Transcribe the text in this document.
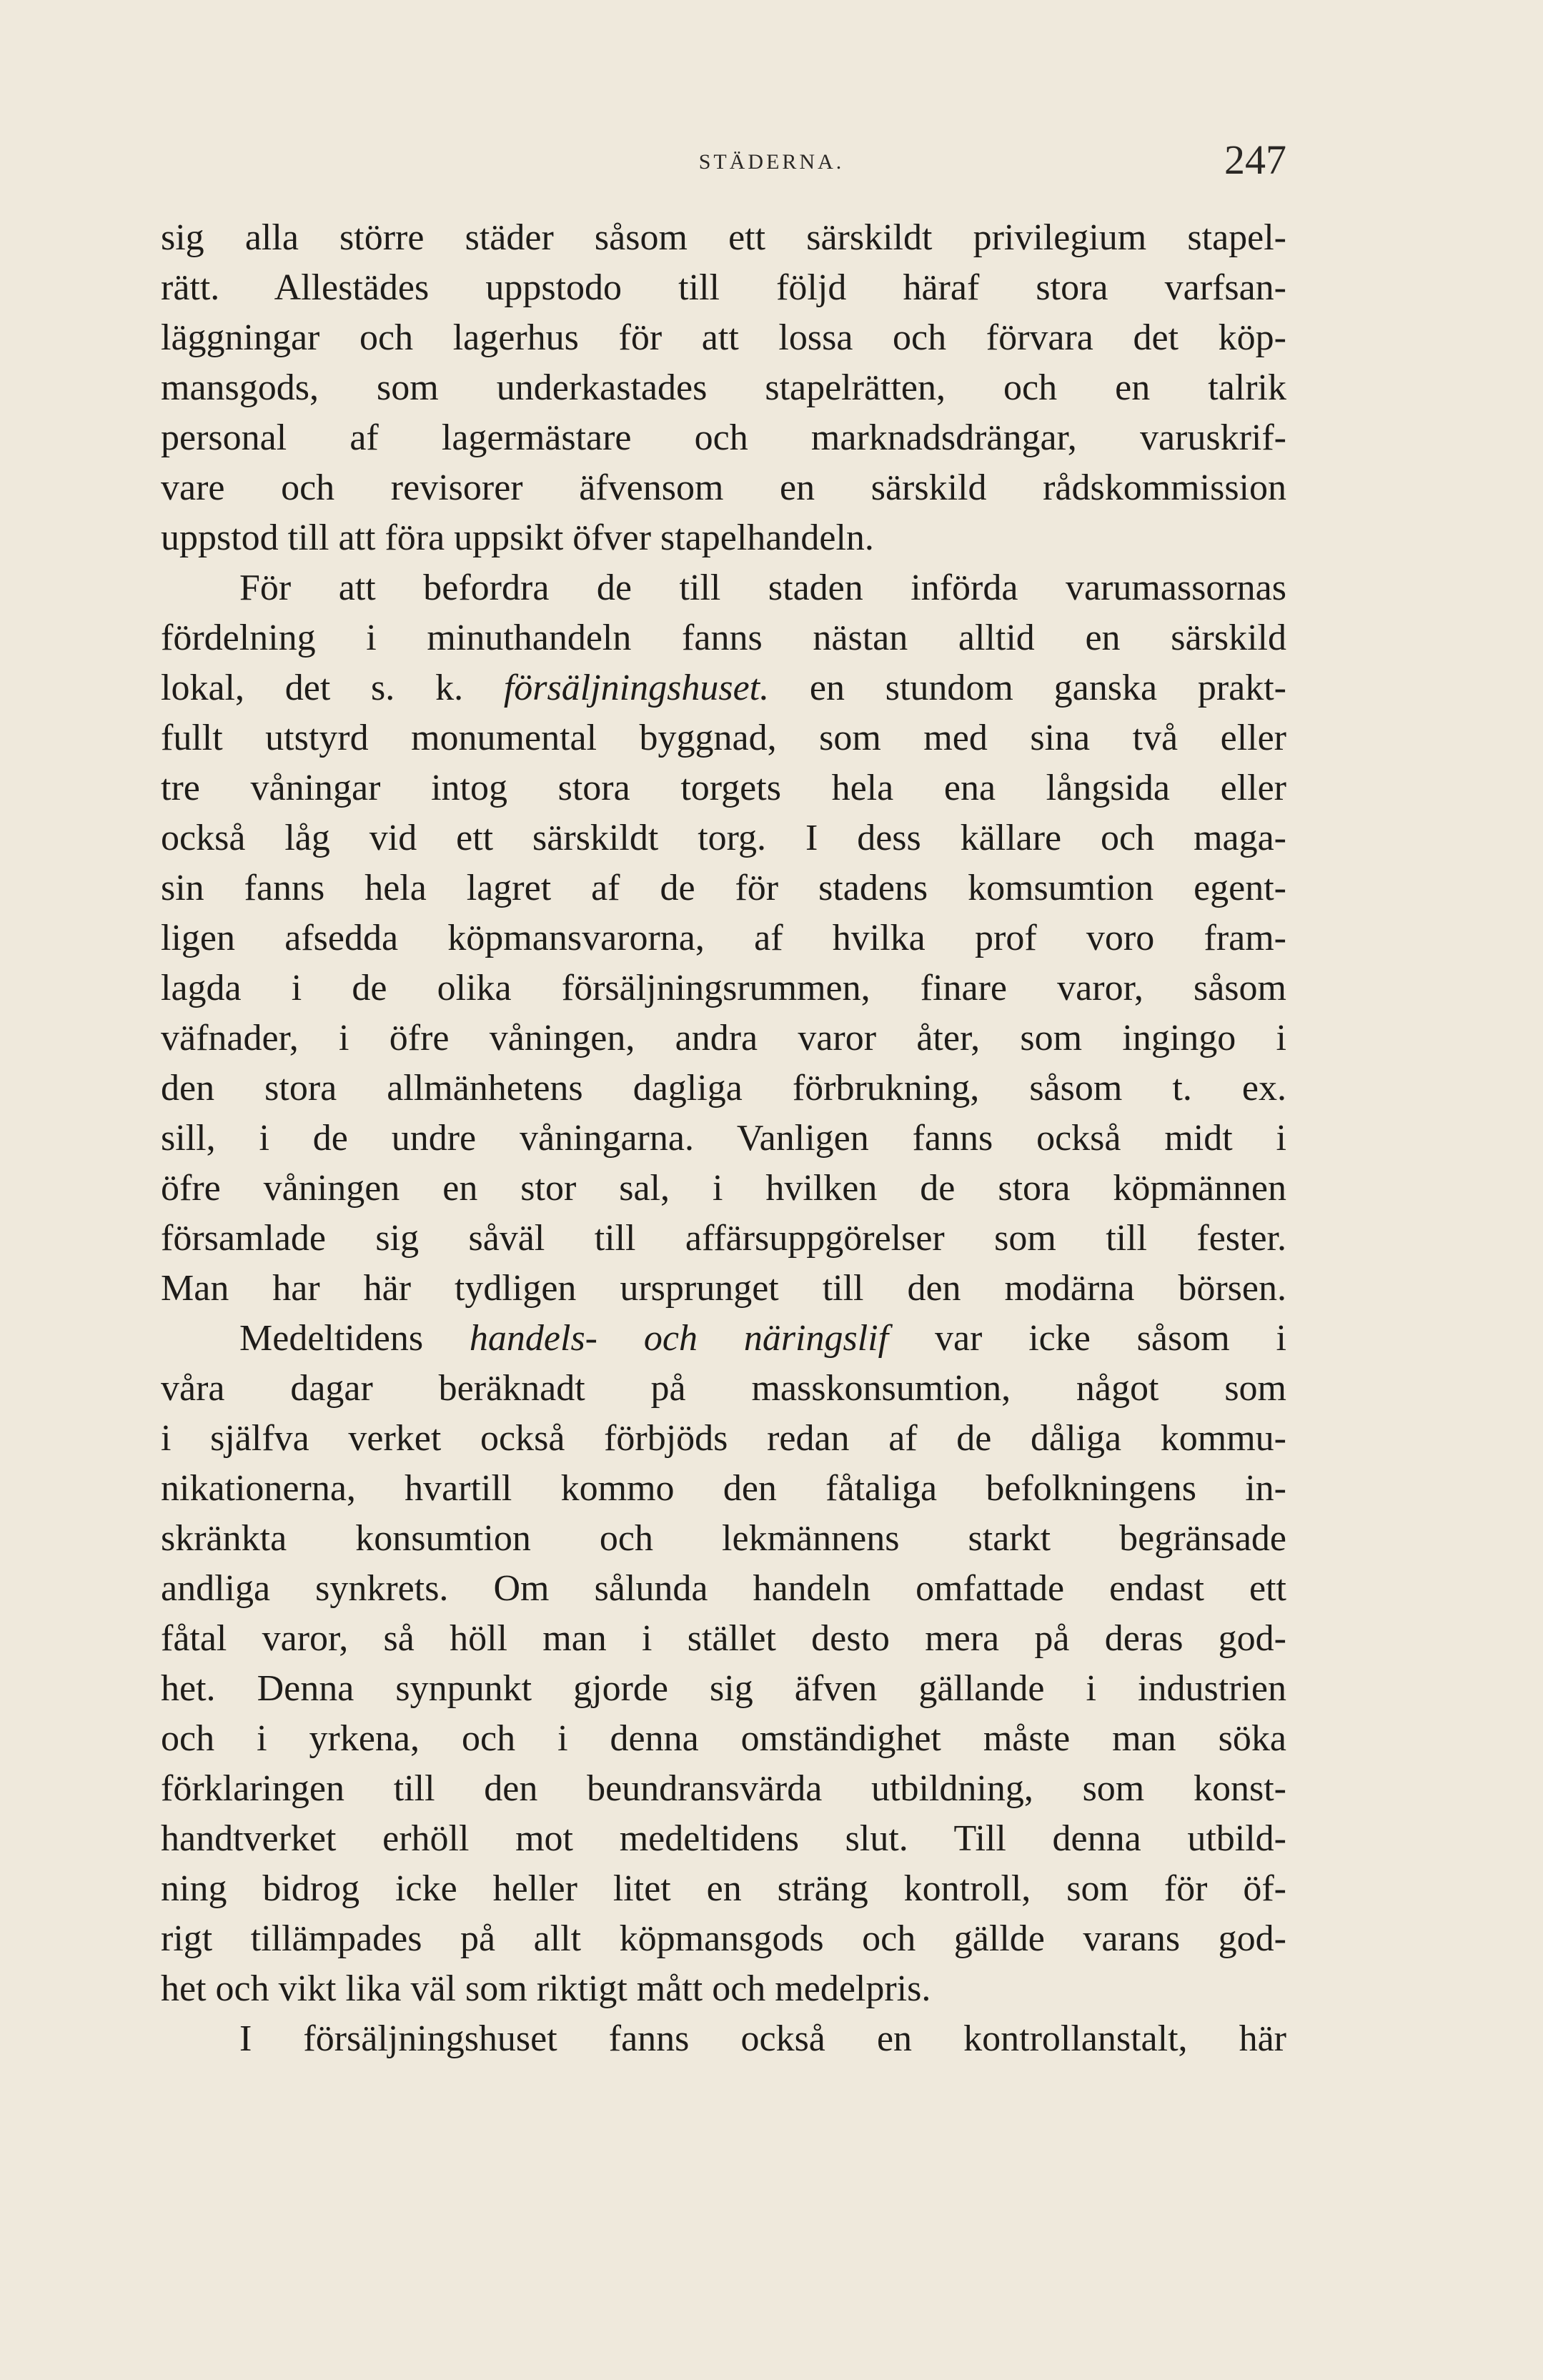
STÄDERNA.	247
sig alla större städer såsom ett särskildt privilegium stapel-
rätt. Allestädes uppstodo till följd häraf stora varfsan-
läggningar och lagerhus för att lossa och förvara det köp-
mansgods, som underkastades stapelrätten, och en talrik
personal af lagermästare och marknadsdrängar, varuskrif-
vare och revisorer äfvensom en särskild rådskommission
uppstod till att föra uppsikt öfver stapelhandeln.
För att befordra de till staden införda varumassornas
fördelning i minuthandeln fanns nästan alltid en särskild
lokal, det s. k. försäljningshuset. en stundom ganska prakt-
fullt utstyrd monumental byggnad, som med sina två eller
tre våningar intog stora torgets hela ena långsida eller
också låg vid ett särskildt torg. I dess källare och maga-
sin fanns hela lagret af de för stadens komsumtion egent-
ligen afsedda köpmansvarorna, af hvilka prof voro fram-
lagda i de olika försäljningsrummen, finare varor, såsom
väfnader, i öfre våningen, andra varor åter, som ingingo i
den stora allmänhetens dagliga förbrukning, såsom t. ex.
sill, i de undre våningarna. Vanligen fanns också midt i
öfre våningen en stor sal, i hvilken de stora köpmännen
församlade sig såväl till affärsuppgörelser som till fester.
Man har här tydligen ursprunget till den modärna börsen.
Medeltidens handels- och näringslif var icke såsom i
våra dagar beräknadt på masskonsumtion, något som
i själfva verket också förbjöds redan af de dåliga kommu-
nikationerna, hvartill kommo den fåtaliga befolkningens in-
skränkta konsumtion och lekmännens starkt begränsade
andliga synkrets. Om sålunda handeln omfattade endast ett
fåtal varor, så höll man i stället desto mera på deras god-
het. Denna synpunkt gjorde sig äfven gällande i industrien
och i yrkena, och i denna omständighet måste man söka
förklaringen till den beundransvärda utbildning, som konst-
handtverket erhöll mot medeltidens slut. Till denna utbild-
ning bidrog icke heller litet en sträng kontroll, som för öf-
rigt tillämpades på allt köpmansgods och gällde varans god-
het och vikt lika väl som riktigt mått och medelpris.
I försäljningshuset fanns också en kontrollanstalt, här
